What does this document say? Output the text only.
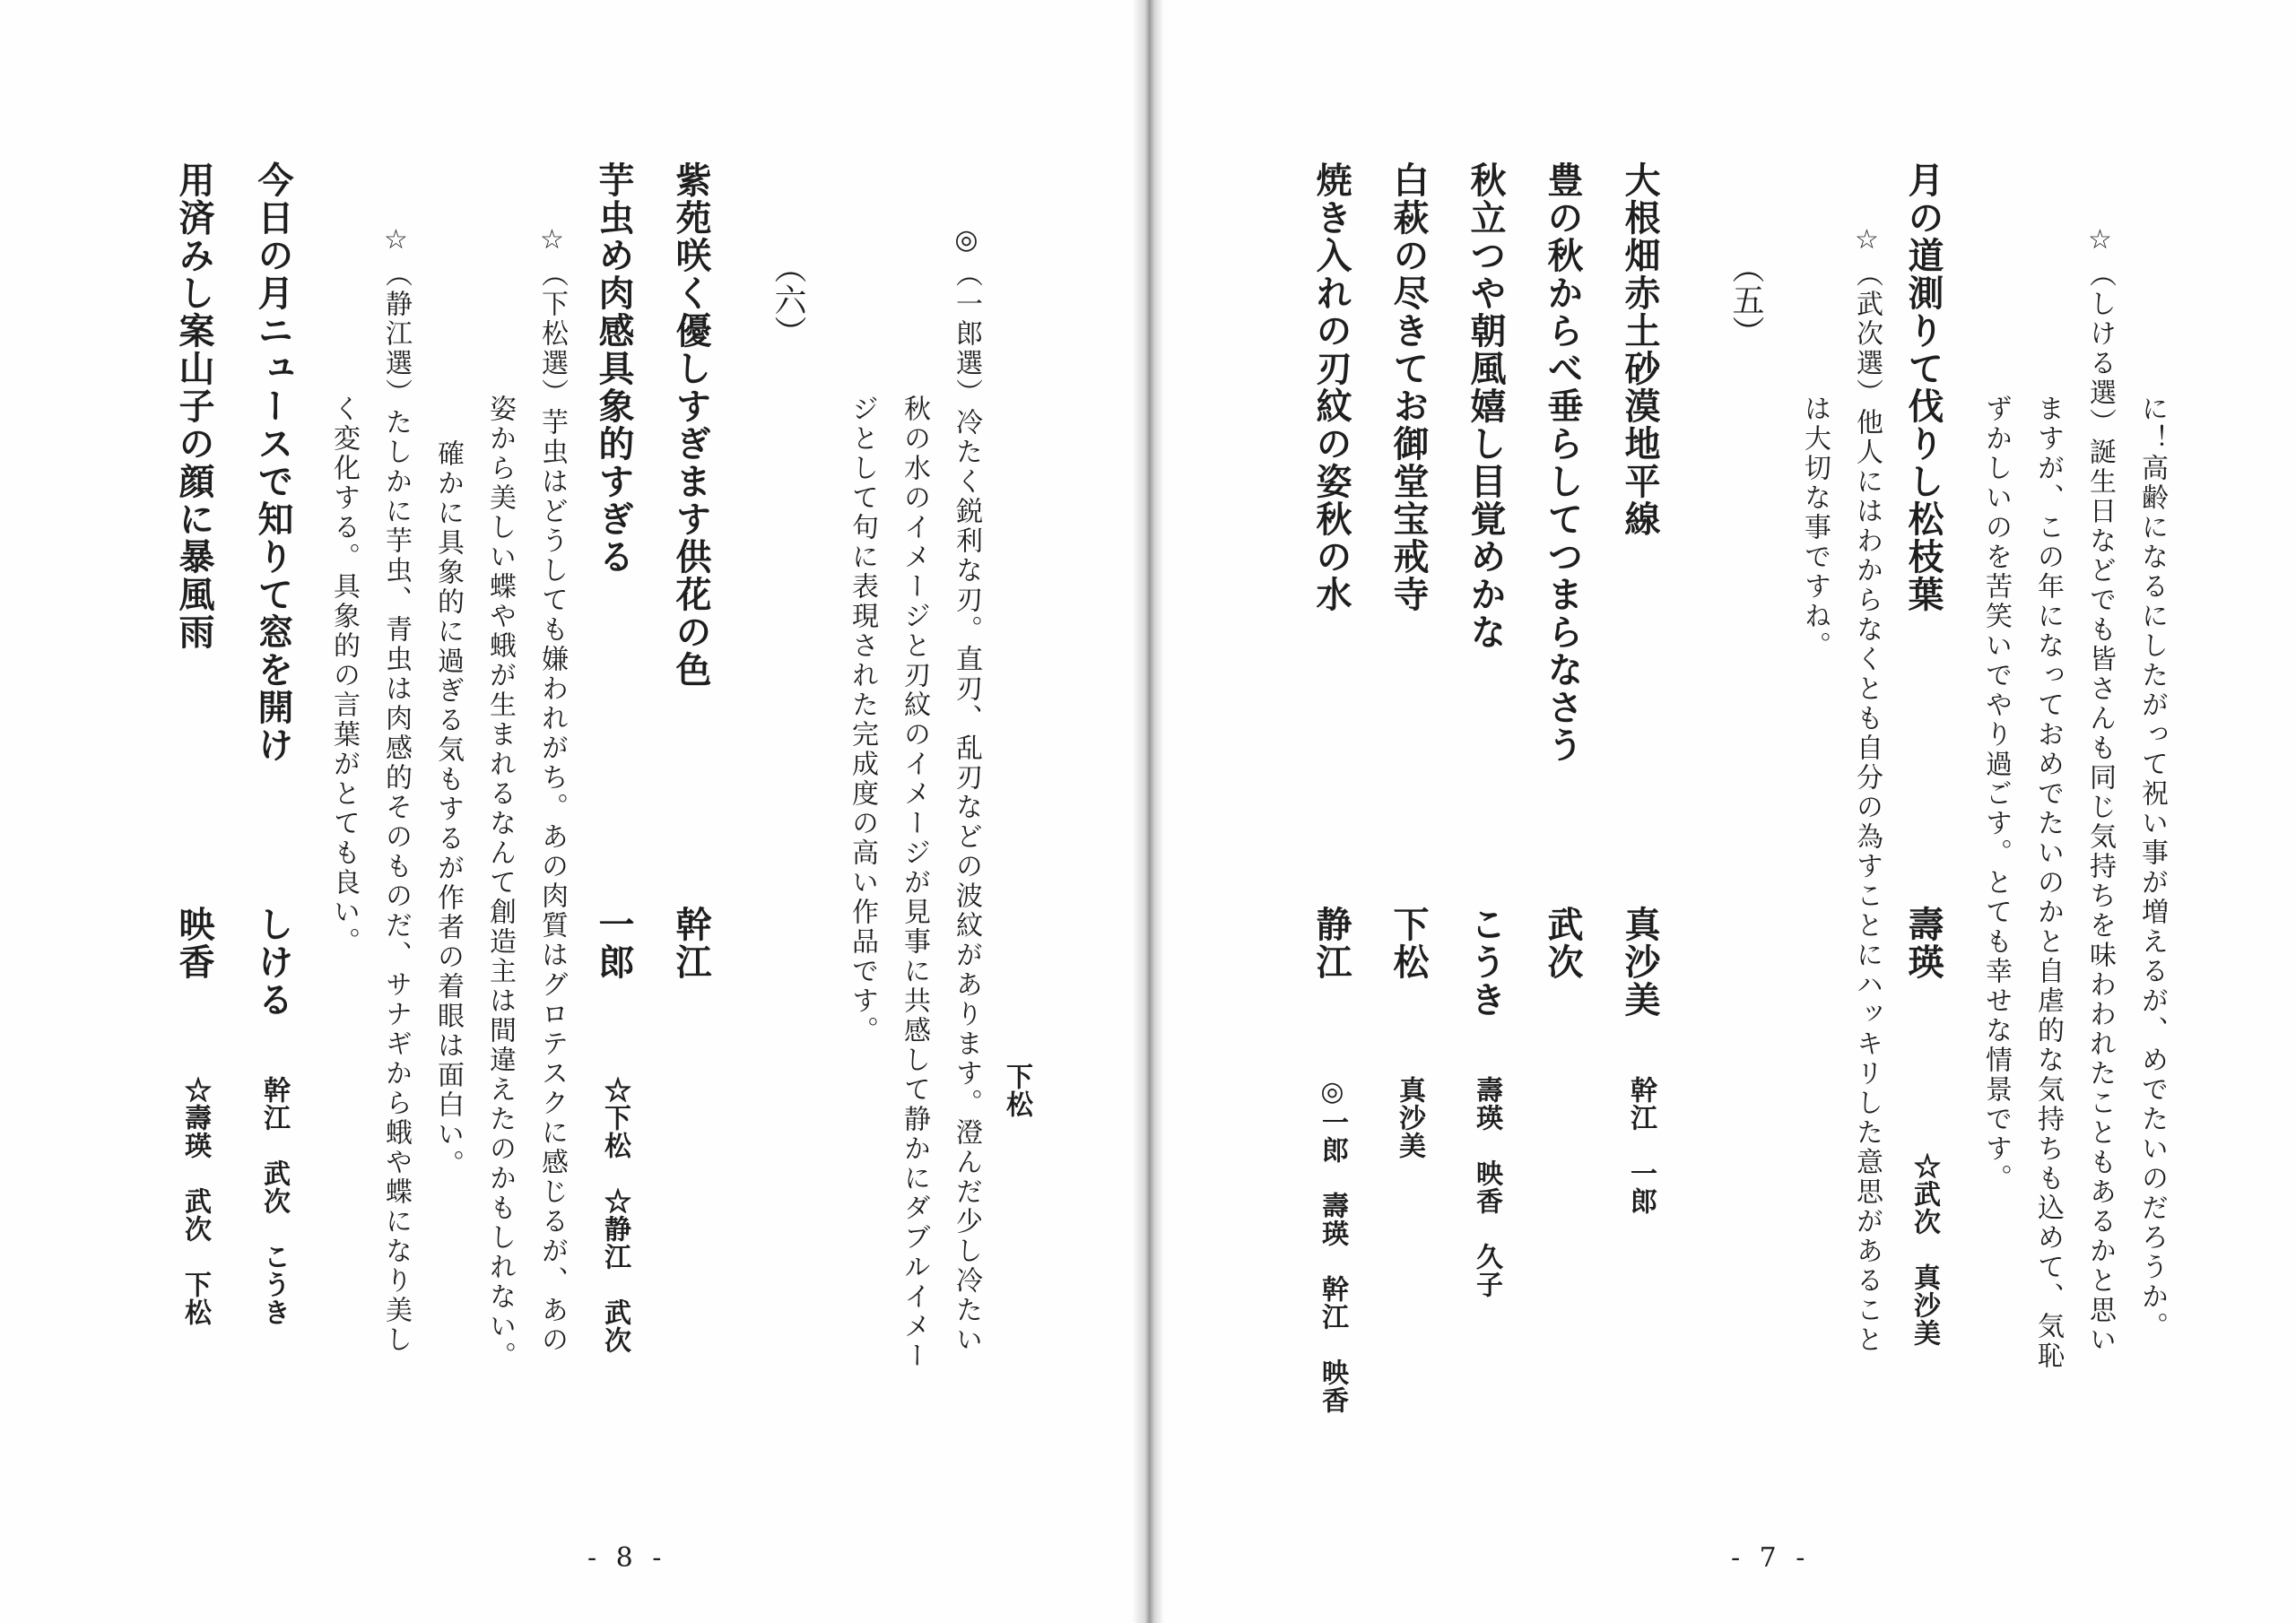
☆
に！高齢になるにしたがって祝い事が増えるが、めでたいのだろうか。
（しける選）誕生日などでも皆さんも同じ気持ちを味わわれたこともあるかと思い
ますが、この年になっておめでたいのかと自虐的な気持ちも込めて、気恥
ずかしいのを苦笑いでやり過ごす。とても幸せな情景です。
月の道測りて伐りし松枝葉
壽瑛
☆武次　真沙美
☆
（武次選）他人にはわからなくとも自分の為すことにハッキリした意思があること
は大切な事ですね。
（五）
大根畑赤土砂漠地平線
真沙美
幹江　一郎
豊の秋からべ垂らしてつまらなさう
武次
秋立つや朝風嬉し目覚めかな
こうき
壽瑛　映香　久子
白萩の尽きてお御堂宝戒寺
下松
真沙美
焼き入れの刃紋の姿秋の水
静江
◎一郎　壽瑛　幹江　映香
- 7 -
下松
◎
（一郎選）冷たく鋭利な刃。直刃、乱刃などの波紋があります。澄んだ少し冷たい
秋の水のイメージと刃紋のイメージが見事に共感して静かにダブルイメー
ジとして句に表現された完成度の高い作品です。
（六）
紫苑咲く優しすぎます供花の色
幹江
芋虫め肉感具象的すぎる
一郎
☆下松　☆静江　武次
☆
（下松選）芋虫はどうしても嫌われがち。あの肉質はグロテスクに感じるが、あの
姿から美しい蝶や蛾が生まれるなんて創造主は間違えたのかもしれない。
確かに具象的に過ぎる気もするが作者の着眼は面白い。
☆
（静江選）たしかに芋虫、青虫は肉感的そのものだ、サナギから蛾や蝶になり美し
く変化する。具象的の言葉がとても良い。
今日の月ニュースで知りて窓を開け
しける
幹江　武次　こうき
用済みし案山子の顔に暴風雨
映香
☆壽瑛　武次　下松
- 8 -
